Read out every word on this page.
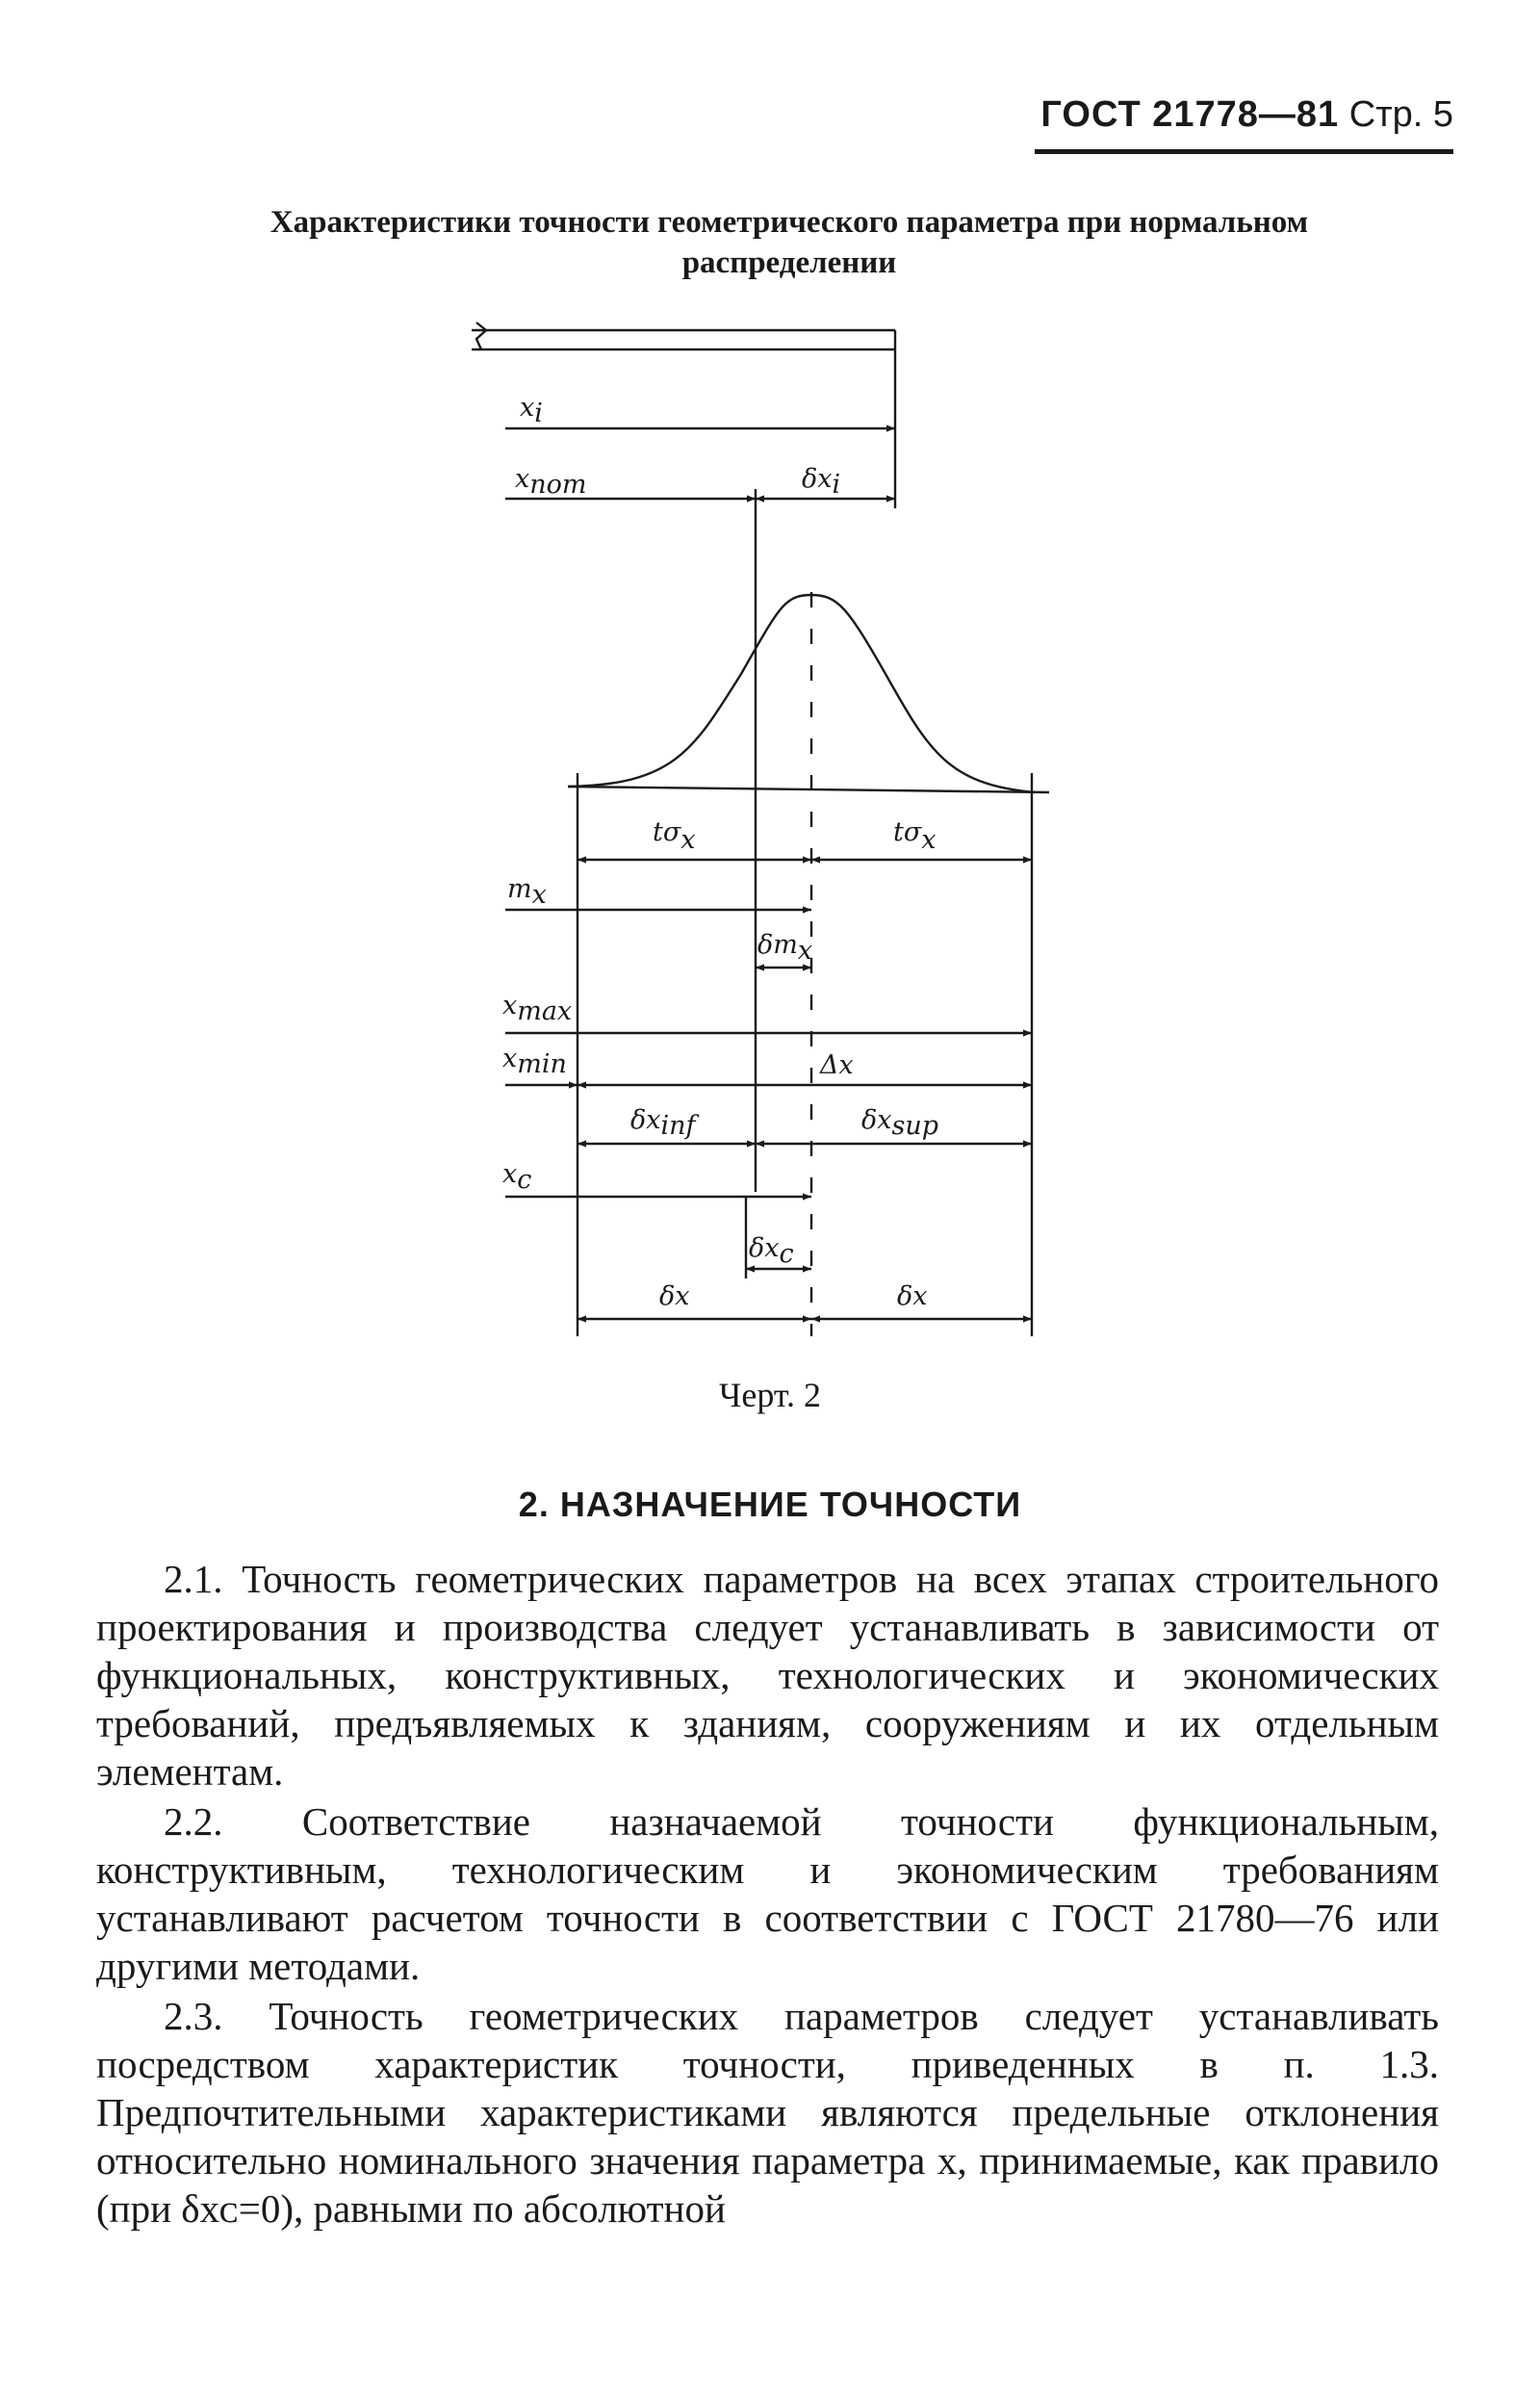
ГОСТ 21778—81 Стр. 5
Характеристики точности геометрического параметра при нормальном
распределении
xi
xnom	δxi
tσx	tσx
mx
δmx
xmax
xmin	Δx
δxinf	δxsup
xc
δxc
δx	δx
Черт. 2
2. НАЗНАЧЕНИЕ ТОЧНОСТИ

2.1. Точность геометрических параметров на всех этапах строительного проектирования и производства следует устанавливать в зависимости от функциональных, конструктивных, технологических и экономических требований, предъявляемых к зданиям, сооружениям и их отдельным элементам.

2.2. Соответствие назначаемой точности функциональным, конструктивным, технологическим и экономическим требованиям устанавливают расчетом точности в соответствии с ГОСТ 21780—76 или другими методами.

2.3. Точность геометрических параметров следует устанавливать посредством характеристик точности, приведенных в п. 1.3. Предпочтительными характеристиками являются предельные отклонения относительно номинального значения параметра x, принимаемые, как правило (при δxᴄ=0), равными по абсолютной
